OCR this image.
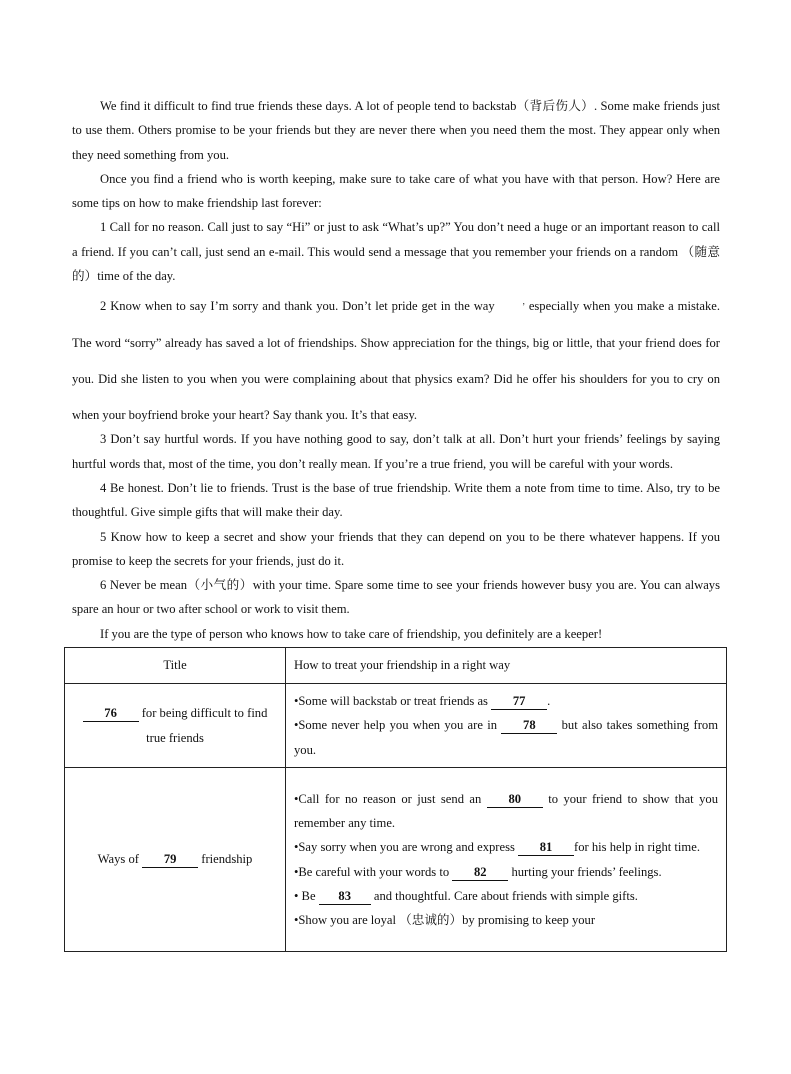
We find it difficult to find true friends these days. A lot of people tend to backstab（背后伤人）. Some make friends just to use them. Others promise to be your friends but they are never there when you need them the most. They appear only when they need something from you.

Once you find a friend who is worth keeping, make sure to take care of what you have with that person. How? Here are some tips on how to make friendship last forever:

1 Call for no reason. Call just to say “Hi” or just to ask “What’s up?” You don’t need a huge or an important reason to call a friend. If you can’t call, just send an e-mail. This would send a message that you remember your friends on a random （随意的）time of the day.

2 Know when to say I’m sorry and thank you. Don’t let pride get in the way	, especially when you make a mistake. The word “sorry” already has saved a lot of friendships. Show appreciation for the things, big or little, that your friend does for you. Did she listen to you when you were complaining about that physics exam? Did he offer his shoulders for you to cry on when your boyfriend broke your heart? Say thank you. It’s that easy.

3 Don’t say hurtful words. If you have nothing good to say, don’t talk at all. Don’t hurt your friends’ feelings by saying hurtful words that, most of the time, you don’t really mean. If you’re a true friend, you will be careful with your words.

4 Be honest. Don’t lie to friends. Trust is the base of true friendship. Write them a note from time to time. Also, try to be thoughtful. Give simple gifts that will make their day.

5 Know how to keep a secret and show your friends that they can depend on you to be there whatever happens. If you promise to keep the secrets for your friends, just do it.

6 Never be mean（小气的）with your time. Spare some time to see your friends however busy you are. You can always spare an hour or two after school or work to visit them.

If you are the type of person who knows how to take care of friendship, you definitely are a keeper!

Title	How to treat your friendship in a right way
76 for being difficult to find true friends	•Some will backstab or treat friends as 77 .
•Some never help you when you are in 78 but also takes something from you.

Ways of 79 friendship	•Call for no reason or just send an 80 to your friend to show that you remember any time.
•Say sorry when you are wrong and express 81 for his help in right time.
•Be careful with your words to 82 hurting your friends’ feelings.
• Be 83 and thoughtful. Care about friends with simple gifts.
•Show you are loyal （忠诚的）by promising to keep your
